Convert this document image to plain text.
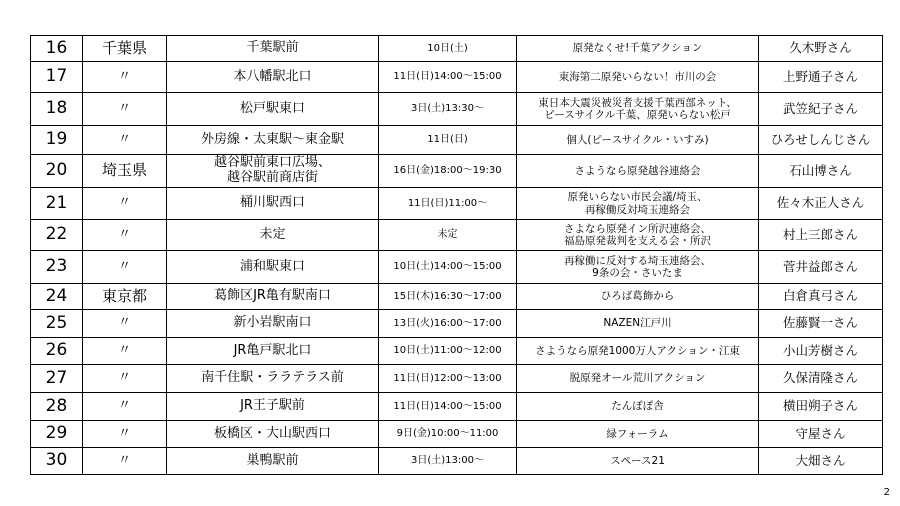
16	千葉県	千葉駅前	10日(土)	原発なくせ!千葉アクション	久木野さん
17	〃	本八幡駅北口	11日(日)14:00～15:00	東海第二原発いらない！市川の会	上野通子さん
18	〃	松戸駅東口	3日(土)13:30～	東日本大震災被災者支援千葉西部ネット、
ピースサイクル千葉、原発いらない松戸	武笠紀子さん
19	〃	外房線・太東駅～東金駅	11日(日)	個人(ピースサイクル・いすみ)	ひろせしんじさん
20	埼玉県	越谷駅前東口広場、
越谷駅前商店街	16日(金)18:00～19:30	さようなら原発越谷連絡会	石山博さん
21	〃	桶川駅西口	11日(日)11:00～	原発いらない市民会議/埼玉、
再稼働反対埼玉連絡会	佐々木正人さん
22	〃	未定	未定	さよなら原発イン所沢連絡会、
福島原発裁判を支える会・所沢	村上三郎さん
23	〃	浦和駅東口	10日(土)14:00～15:00	再稼働に反対する埼玉連絡会、
9条の会・さいたま	菅井益郎さん
24	東京都	葛飾区JR亀有駅南口	15日(木)16:30～17:00	ひろば葛飾から	白倉真弓さん
25	〃	新小岩駅南口	13日(火)16:00～17:00	NAZEN江戸川	佐藤賢一さん
26	〃	JR亀戸駅北口	10日(土)11:00～12:00	さようなら原発1000万人アクション・江東	小山芳樹さん
27	〃	南千住駅・ララテラス前	11日(日)12:00～13:00	脱原発オール荒川アクション	久保清隆さん
28	〃	JR王子駅前	11日(日)14:00～15:00	たんぽぽ舎	横田朔子さん
29	〃	板橋区・大山駅西口	9日(金)10:00～11:00	緑フォーラム	守屋さん
30	〃	巣鴨駅前	3日(土)13:00～	スペース21	大畑さん
2
